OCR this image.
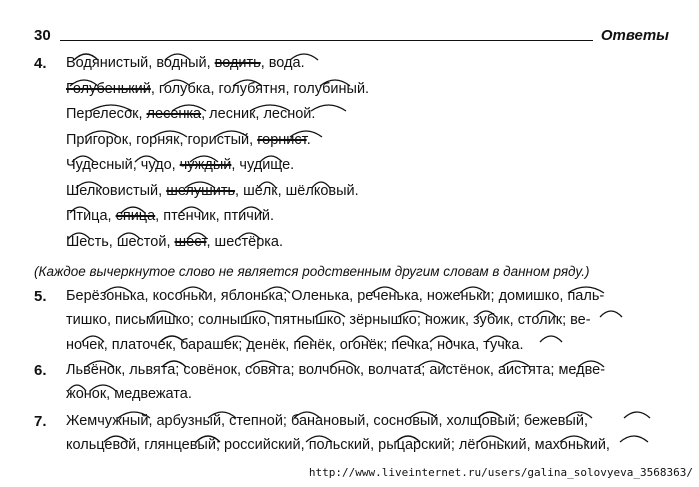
30	Ответы
4. Водянистый, водный, водить, вода.
Голубенький, голубка, голубятня, голубиный.
Перелесок, лесенка, лесник, лесной.
Пригорок, горняк, гористый, горнист.
Чудесный, чудо, чуждый, чудище.
Шелковистый, шелушить, шёлк, шёлковый.
Птица, спица, птенчик, птичий.
Шесть, шестой, шест, шестёрка.
5. Берёзонька, косоньки, яблонька; Оленька, реченька, ноженьки; домишко, паль-
тишко, письмишко; солнышко, пятнышко, зёрнышко; ножик, зубик, столик; ве-
ночек, платочек, барашек; денёк, пенёк, огонёк; печка, ночка, тучка.
6. Львёнок, львята; совёнок, совята; волчонок, волчата; аистёнок, аистята; медве-
жонок, медвежата.
7. Жемчужный, арбузный, степной; банановый, сосновый, холщовый; бежевый,
кольцевой, глянцевый; российский, польский, рыцарский; лёгонький, махонький,
(Каждое вычеркнутое слово не является родственным другим словам в данном ряду.)
http://www.liveinternet.ru/users/galina_solovyeva_3568363/
